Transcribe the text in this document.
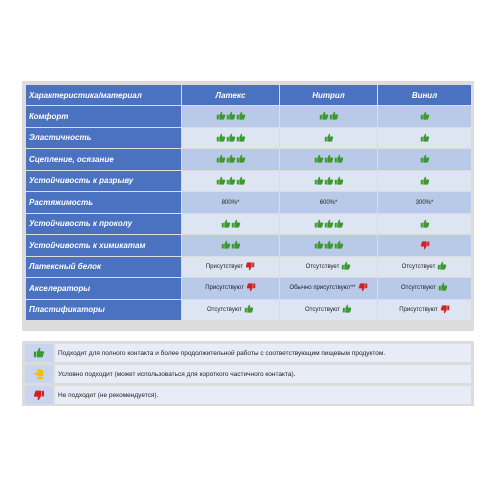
Характеристика/материал	Латекс	Нитрил	Винил
Комфорт			
Эластичность			
Сцепление, осязание			
Устойчивость к разрыву			
Растяжимость	800%*	600%*	300%*
Устойчивость к проколу			
Устойчивость к химикатам			
Латексный белок	Присутствует	Отсутствует	Отсутствует
Акселераторы	Присутствуют	Обычно присутствуют**	Отсутствуют
Пластификаторы	Отсутствуют	Отсутствуют	Присутствуют
Подходит для полного контакта и более продолжительной работы с соответствующим пищевым продуктом.
Условно подходит (может использоваться для короткого частичного контакта).
Не подходит (не рекомендуется).
